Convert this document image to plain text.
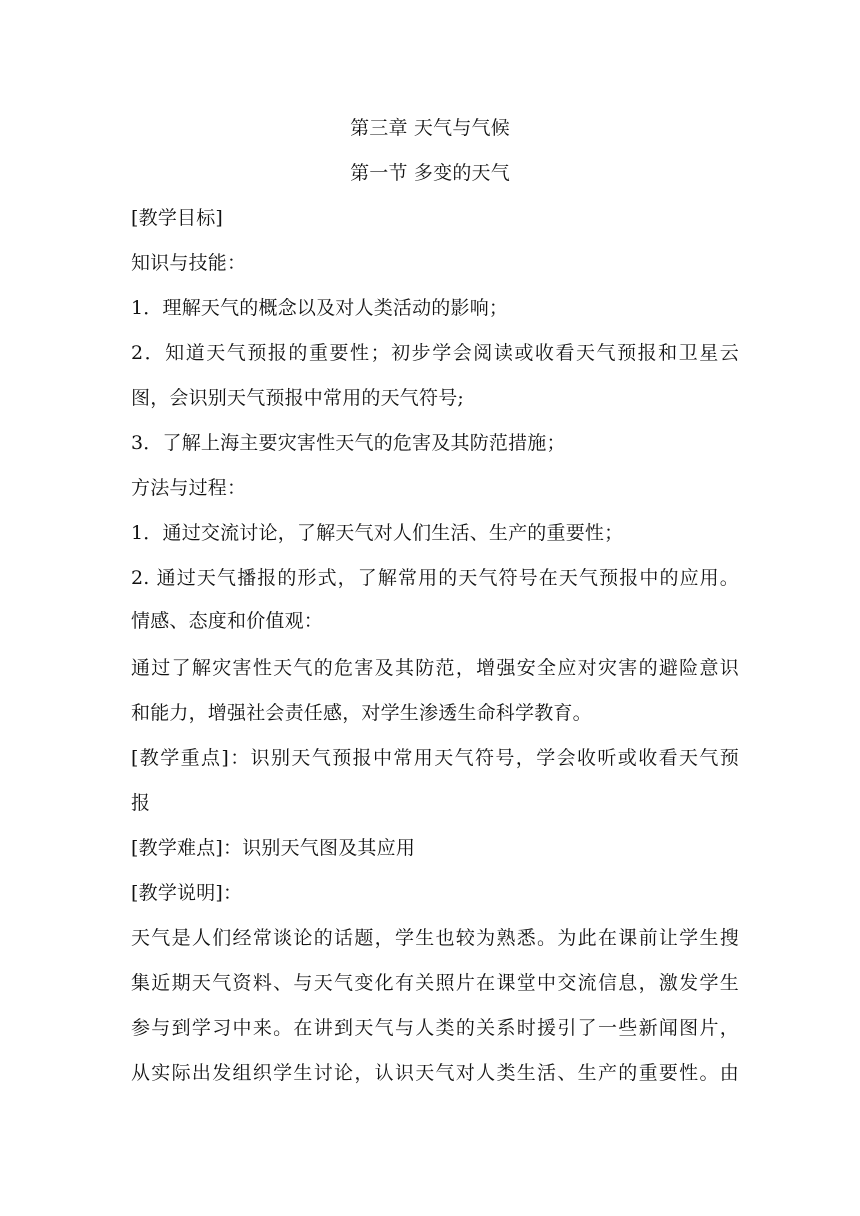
第三章 天气与气候
第一节 多变的天气
[教学目标]
知识与技能：
1．理解天气的概念以及对人类活动的影响；
2．知道天气预报的重要性；初步学会阅读或收看天气预报和卫星云
图，会识别天气预报中常用的天气符号;
3．了解上海主要灾害性天气的危害及其防范措施；
方法与过程：
1．通过交流讨论，了解天气对人们生活、生产的重要性；
2. 通过天气播报的形式，了解常用的天气符号在天气预报中的应用。
情感、态度和价值观：
通过了解灾害性天气的危害及其防范，增强安全应对灾害的避险意识
和能力，增强社会责任感，对学生渗透生命科学教育。
[教学重点]：识别天气预报中常用天气符号，学会收听或收看天气预
报
[教学难点]：识别天气图及其应用
[教学说明]：
天气是人们经常谈论的话题，学生也较为熟悉。为此在课前让学生搜
集近期天气资料、与天气变化有关照片在课堂中交流信息，激发学生
参与到学习中来。在讲到天气与人类的关系时援引了一些新闻图片，
从实际出发组织学生讨论，认识天气对人类生活、生产的重要性。由
